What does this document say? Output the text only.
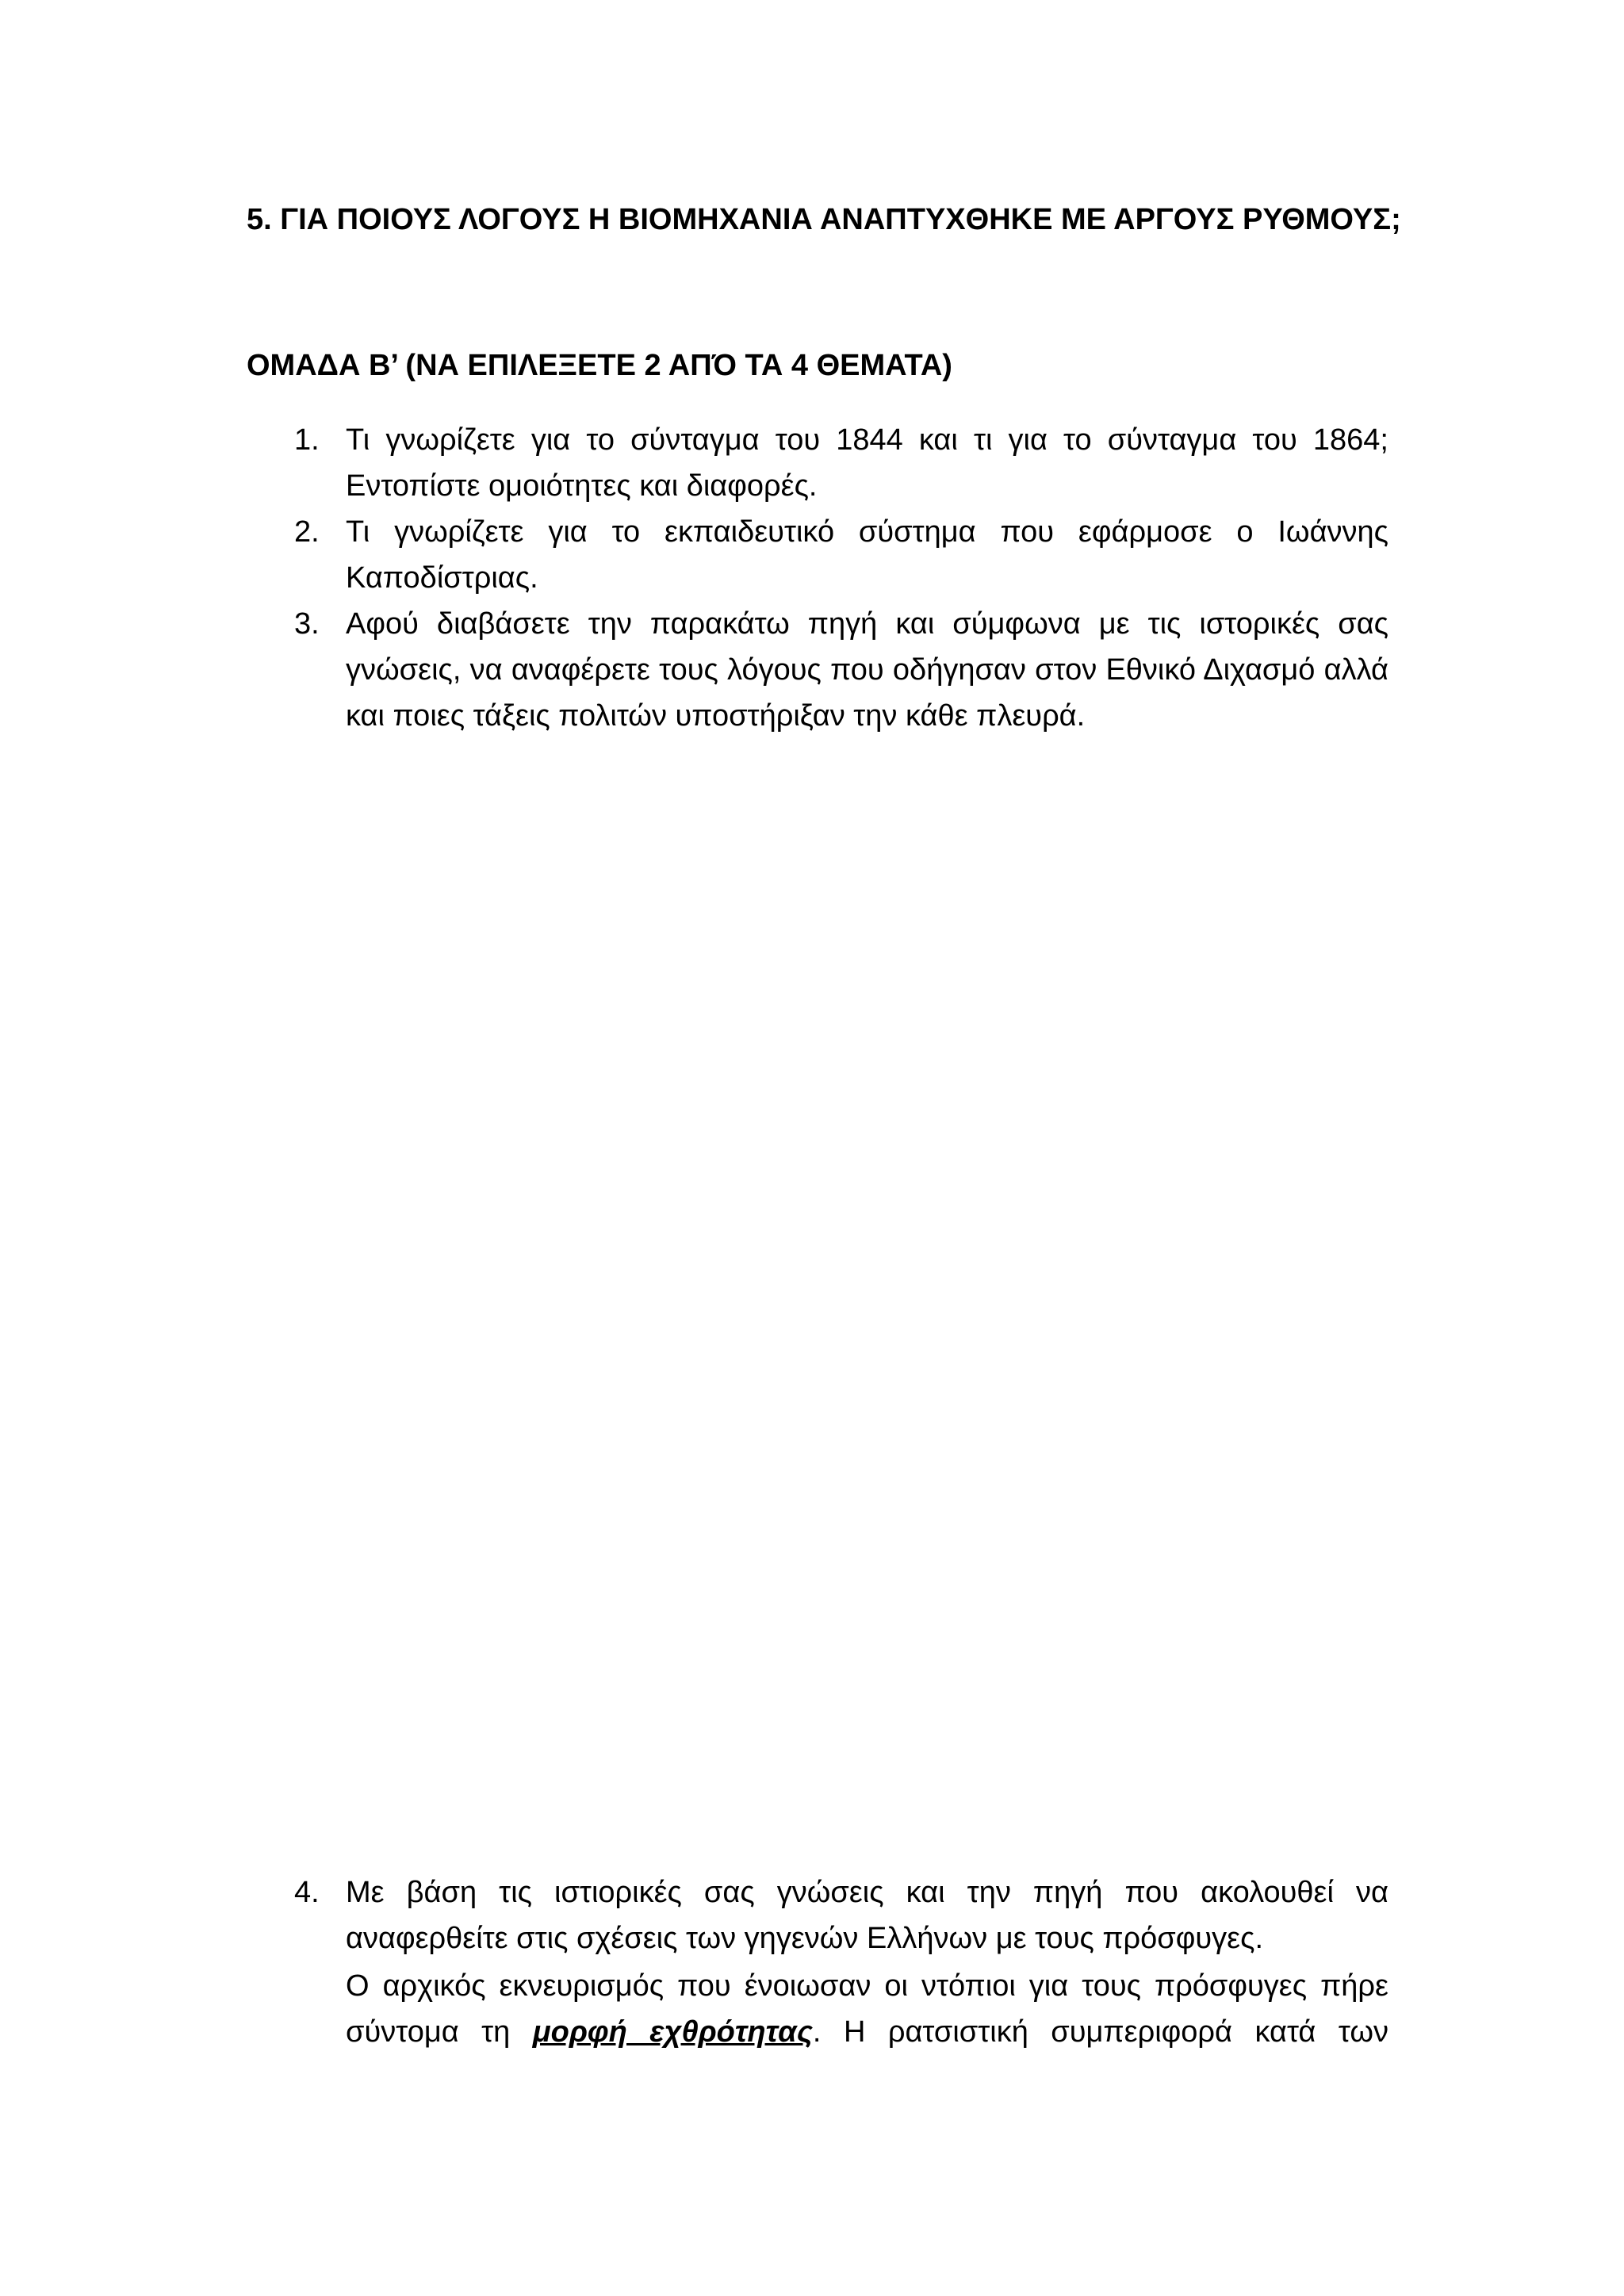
5. ΓΙΑ ΠΟΙΟΥΣ ΛΟΓΟΥΣ Η ΒΙΟΜΗΧΑΝΙΑ ΑΝΑΠΤΥΧΘΗΚΕ ΜΕ ΑΡΓΟΥΣ ΡΥΘΜΟΥΣ;

ΟΜΑΔΑ Β’ (ΝΑ ΕΠΙΛΕΞΕΤΕ 2 ΑΠΌ ΤΑ 4 ΘΕΜΑΤΑ)

1. Τι γνωρίζετε για το σύνταγμα του 1844 και τι για το σύνταγμα του 1864; Εντοπίστε ομοιότητες και διαφορές.
2. Τι γνωρίζετε για το εκπαιδευτικό σύστημα που εφάρμοσε ο Ιωάννης Καποδίστριας.
3. Αφού διαβάσετε την παρακάτω πηγή και σύμφωνα με τις ιστορικές σας γνώσεις, να αναφέρετε τους λόγους που οδήγησαν στον Εθνικό Διχασμό αλλά και ποιες τάξεις πολιτών υποστήριξαν την κάθε πλευρά.
4. Με βάση τις ιστιορικές σας γνώσεις και την πηγή που ακολουθεί να αναφερθείτε στις σχέσεις των γηγενών Ελλήνων με τους πρόσφυγες.

Ο αρχικός εκνευρισμός που ένοιωσαν οι ντόπιοι για τους πρόσφυγες πήρε σύντομα τη μορφή εχθρότητας. Η ρατσιστική συμπεριφορά κατά των
